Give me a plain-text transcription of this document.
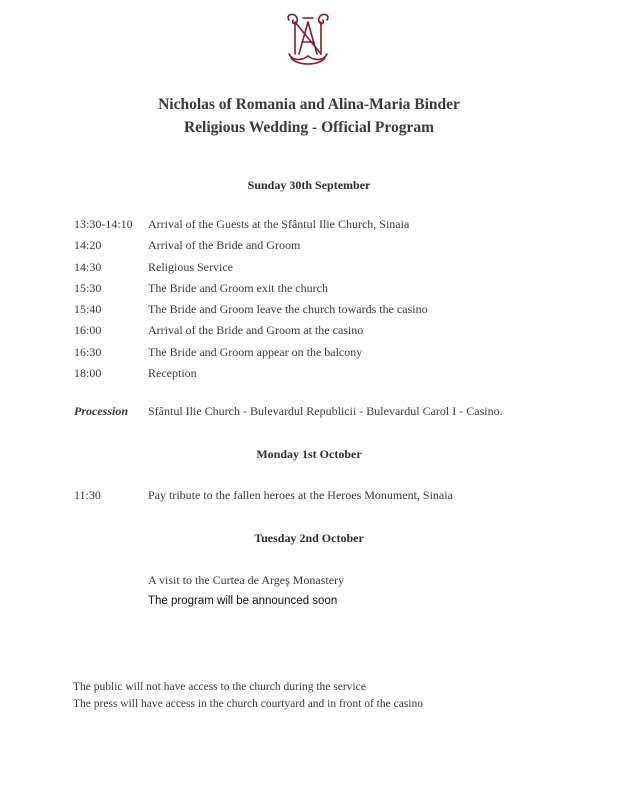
Nicholas of Romania and Alina-Maria Binder
Religious Wedding - Official Program
Sunday 30th September
13:30-14:10 Arrival of the Guests at the Sfântul Ilie Church, Sinaia
14:20	Arrival of the Bride and Groom
14:30	Religious Service
15:30	The Bride and Groom exit the church
15:40	The Bride and Groom leave the church towards the casino
16:00	Arrival of the Bride and Groom at the casino
16:30	The Bride and Groom appear on the balcony
18:00	Reception
Procession Sfântul Ilie Church - Bulevardul Republicii - Bulevardul Carol I - Casino.
Monday 1st October
11:30	Pay tribute to the fallen heroes at the Heroes Monument, Sinaia
Tuesday 2nd October
A visit to the Curtea de Argeş Monastery
The program will be announced soon
The public will not have access to the church during the service
The press will have access in the church courtyard and in front of the casino
